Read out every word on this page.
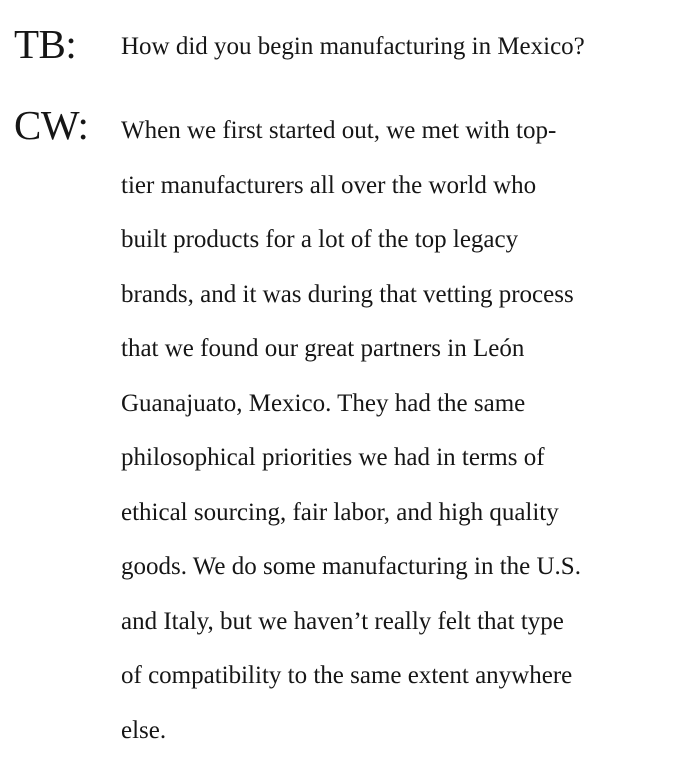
TB:	How did you begin manufacturing in Mexico?
CW:	When we first started out, we met with top-
tier manufacturers all over the world who
built products for a lot of the top legacy
brands, and it was during that vetting process
that we found our great partners in León
Guanajuato, Mexico. They had the same
philosophical priorities we had in terms of
ethical sourcing, fair labor, and high quality
goods. We do some manufacturing in the U.S.
and Italy, but we haven’t really felt that type
of compatibility to the same extent anywhere
else.
